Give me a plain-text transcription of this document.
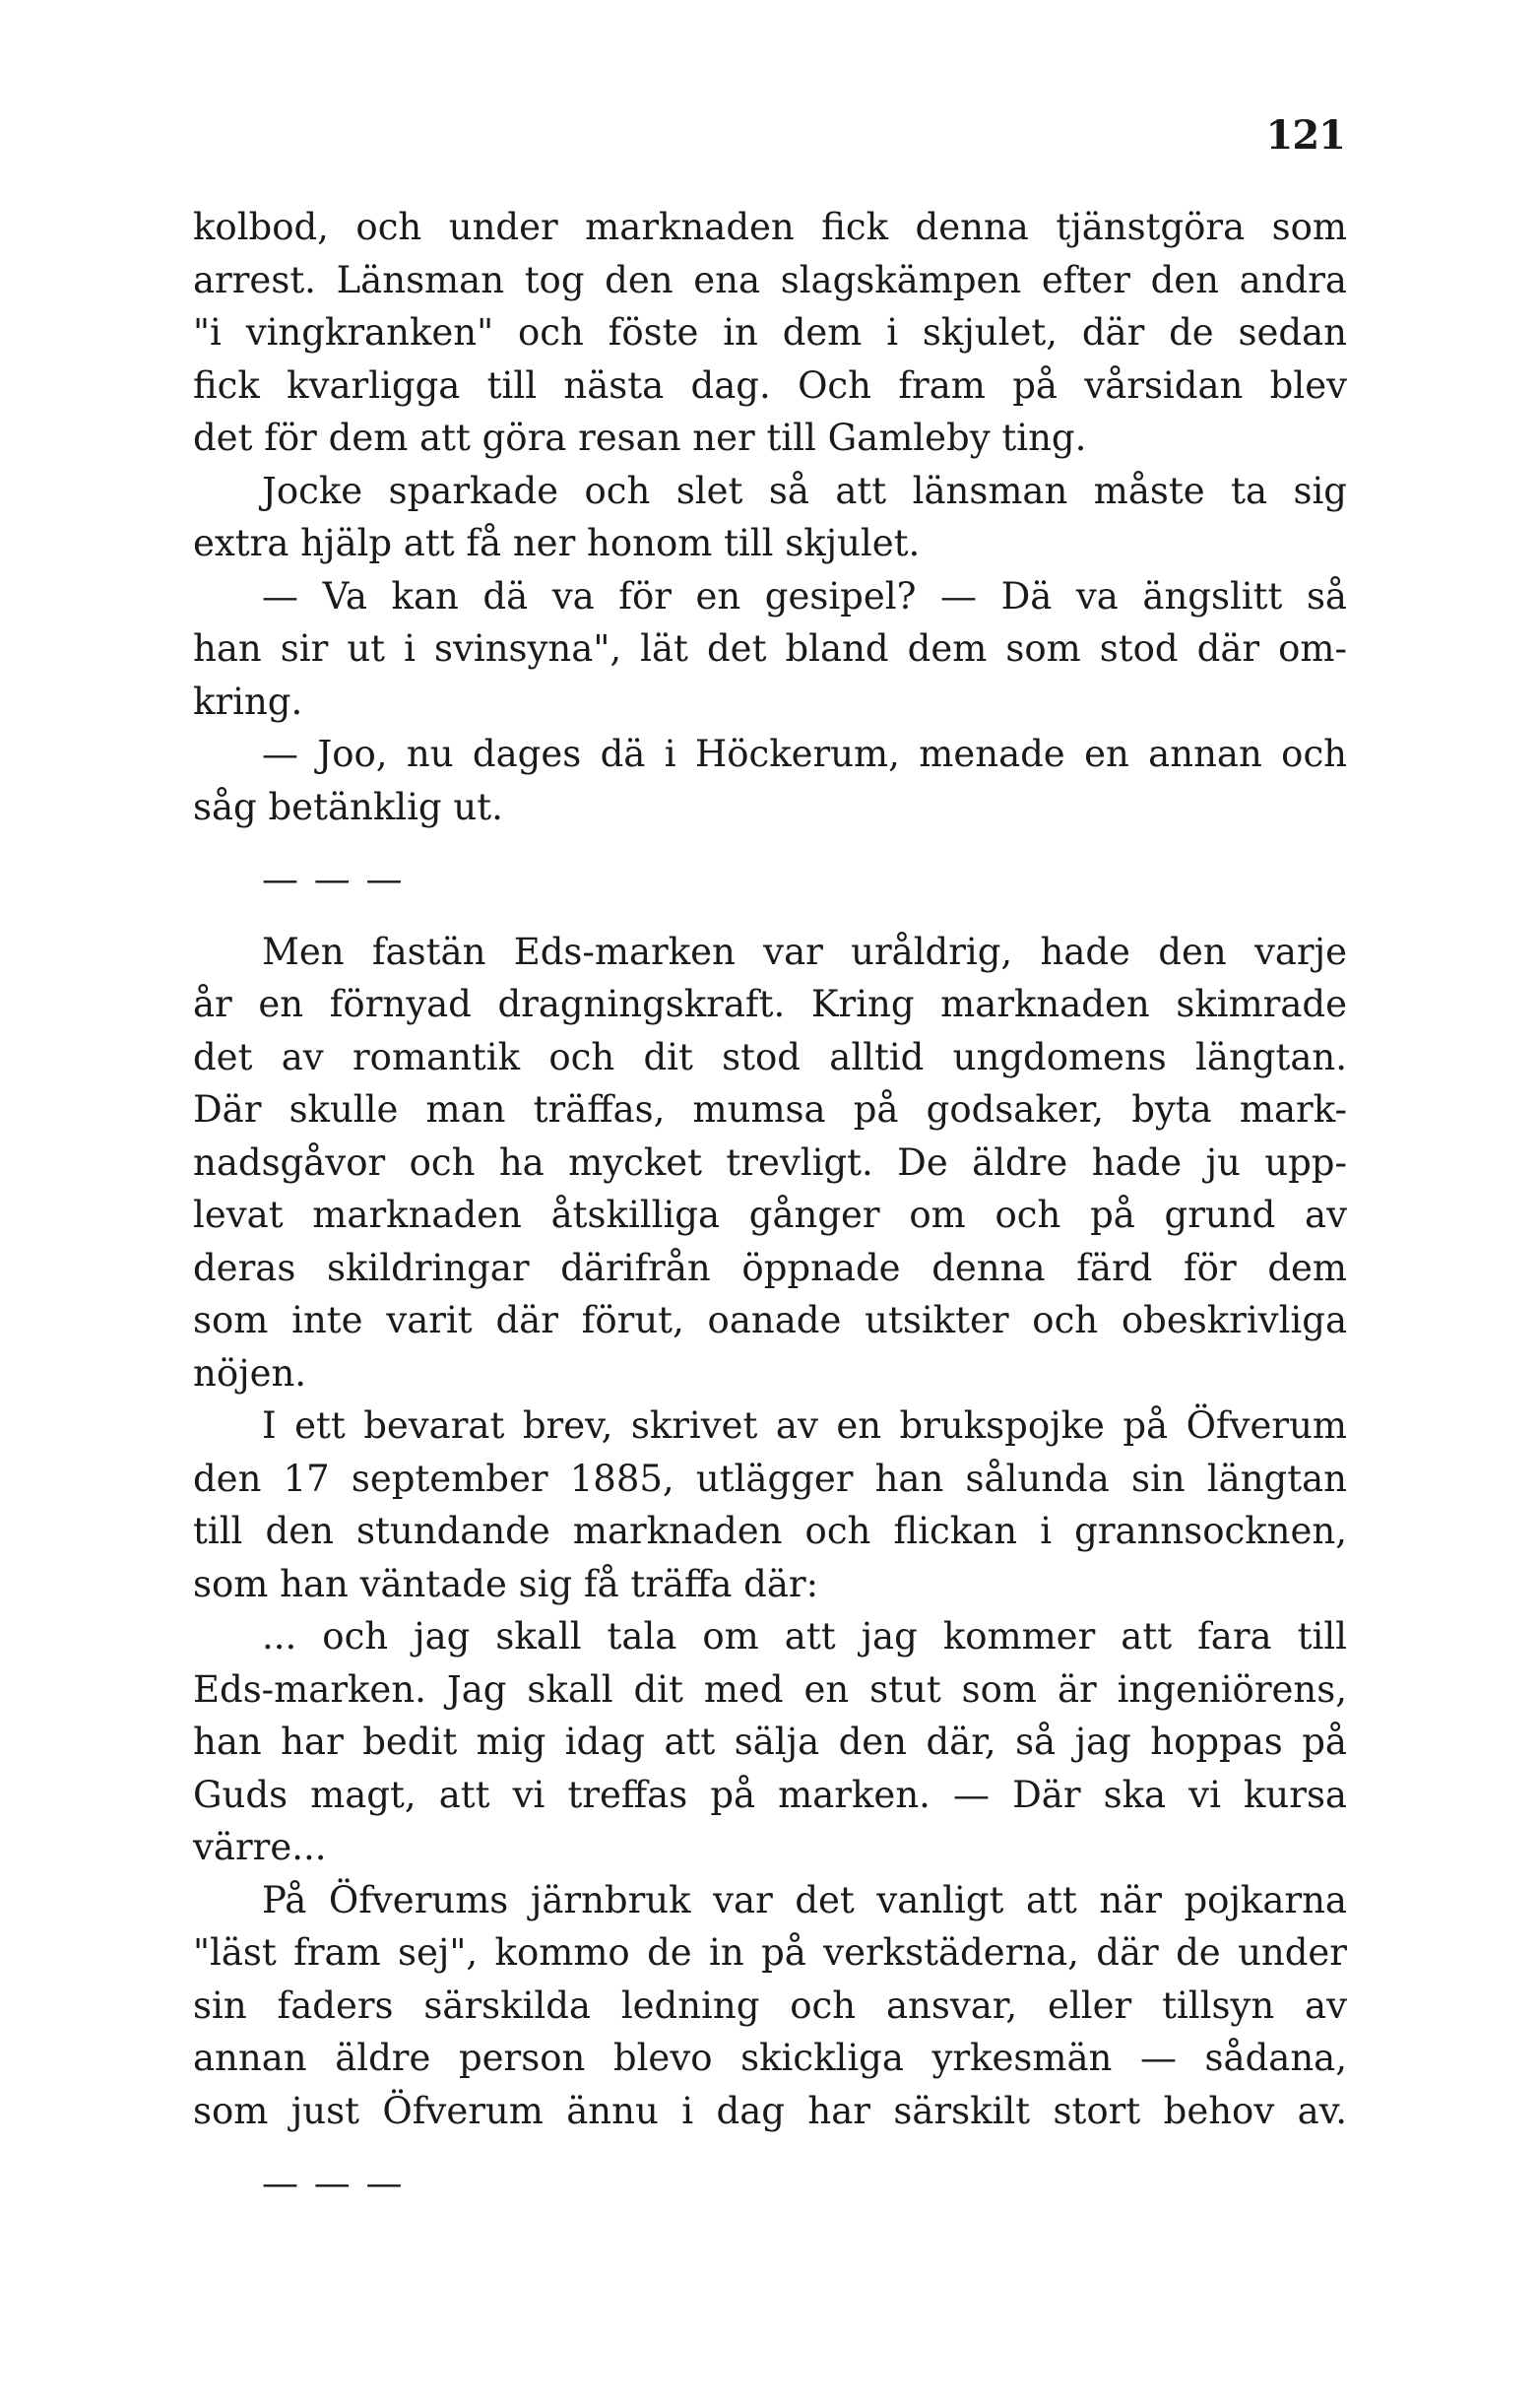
121
kolbod, och under marknaden fick denna tjänstgöra som
arrest. Länsman tog den ena slagskämpen efter den andra
"i vingkranken" och föste in dem i skjulet, där de sedan
fick kvarligga till nästa dag. Och fram på vårsidan blev
det för dem att göra resan ner till Gamleby ting.
Jocke sparkade och slet så att länsman måste ta sig
extra hjälp att få ner honom till skjulet.
— Va kan dä va för en gesipel? — Dä va ängslitt så
han sir ut i svinsyna", lät det bland dem som stod där om-
kring.
— Joo, nu dages dä i Höckerum, menade en annan och
såg betänklig ut.
— — —
Men fastän Eds-marken var uråldrig, hade den varje
år en förnyad dragningskraft. Kring marknaden skimrade
det av romantik och dit stod alltid ungdomens längtan.
Där skulle man träffas, mumsa på godsaker, byta mark-
nadsgåvor och ha mycket trevligt. De äldre hade ju upp-
levat marknaden åtskilliga gånger om och på grund av
deras skildringar därifrån öppnade denna färd för dem
som inte varit där förut, oanade utsikter och obeskrivliga
nöjen.
I ett bevarat brev, skrivet av en brukspojke på Öfverum
den 17 september 1885, utlägger han sålunda sin längtan
till den stundande marknaden och flickan i grannsocknen,
som han väntade sig få träffa där:
... och jag skall tala om att jag kommer att fara till
Eds-marken. Jag skall dit med en stut som är ingeniörens,
han har bedit mig idag att sälja den där, så jag hoppas på
Guds magt, att vi treffas på marken. — Där ska vi kursa
värre...
På Öfverums järnbruk var det vanligt att när pojkarna
"läst fram sej", kommo de in på verkstäderna, där de under
sin faders särskilda ledning och ansvar, eller tillsyn av
annan äldre person blevo skickliga yrkesmän — sådana,
som just Öfverum ännu i dag har särskilt stort behov av.
— — —
